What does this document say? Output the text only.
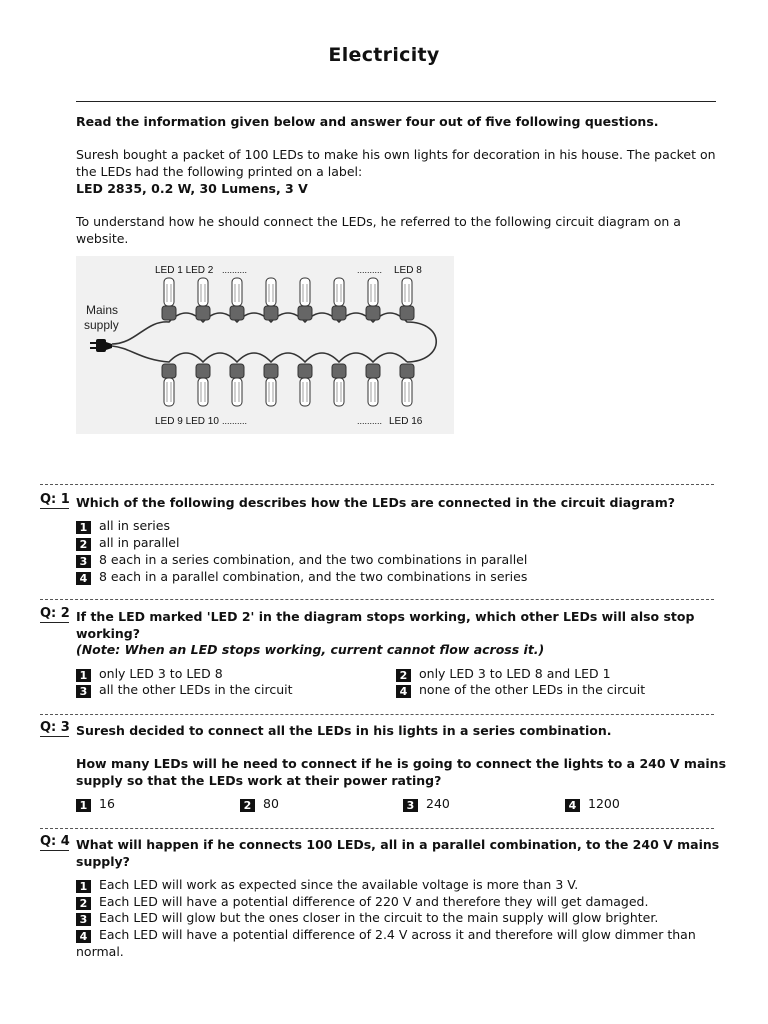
Electricity

Read the information given below and answer four out of five following questions.

Suresh bought a packet of 100 LEDs to make his own lights for decoration in his house. The packet on the LEDs had the following printed on a label:

LED 2835, 0.2 W, 30 Lumens, 3 V

To understand how he should connect the LEDs, he referred to the following circuit diagram on a website.

Mains
supply
LED 1 LED 2 ..........	.......... LED 8
LED 9 LED 10 ..........	.......... LED 16
Q: 1 Which of the following describes how the LEDs are connected in the circuit diagram?
1 all in series
2 all in parallel
3 8 each in a series combination, and the two combinations in parallel
4 8 each in a parallel combination, and the two combinations in series
Q: 2 If the LED marked 'LED 2' in the diagram stops working, which other LEDs will also stop working?
(Note: When an LED stops working, current cannot flow across it.)
1 only LED 3 to LED 8	2 only LED 3 to LED 8 and LED 1
3 all the other LEDs in the circuit	4 none of the other LEDs in the circuit
Q: 3 Suresh decided to connect all the LEDs in his lights in a series combination.
How many LEDs will he need to connect if he is going to connect the lights to a 240 V mains supply so that the LEDs work at their power rating?
1 16	2 80	3 240	4 1200
Q: 4 What will happen if he connects 100 LEDs, all in a parallel combination, to the 240 V mains supply?
1 Each LED will work as expected since the available voltage is more than 3 V.
2 Each LED will have a potential difference of 220 V and therefore they will get damaged.
3 Each LED will glow but the ones closer in the circuit to the main supply will glow brighter.
4 Each LED will have a potential difference of 2.4 V across it and therefore will glow dimmer than normal.
